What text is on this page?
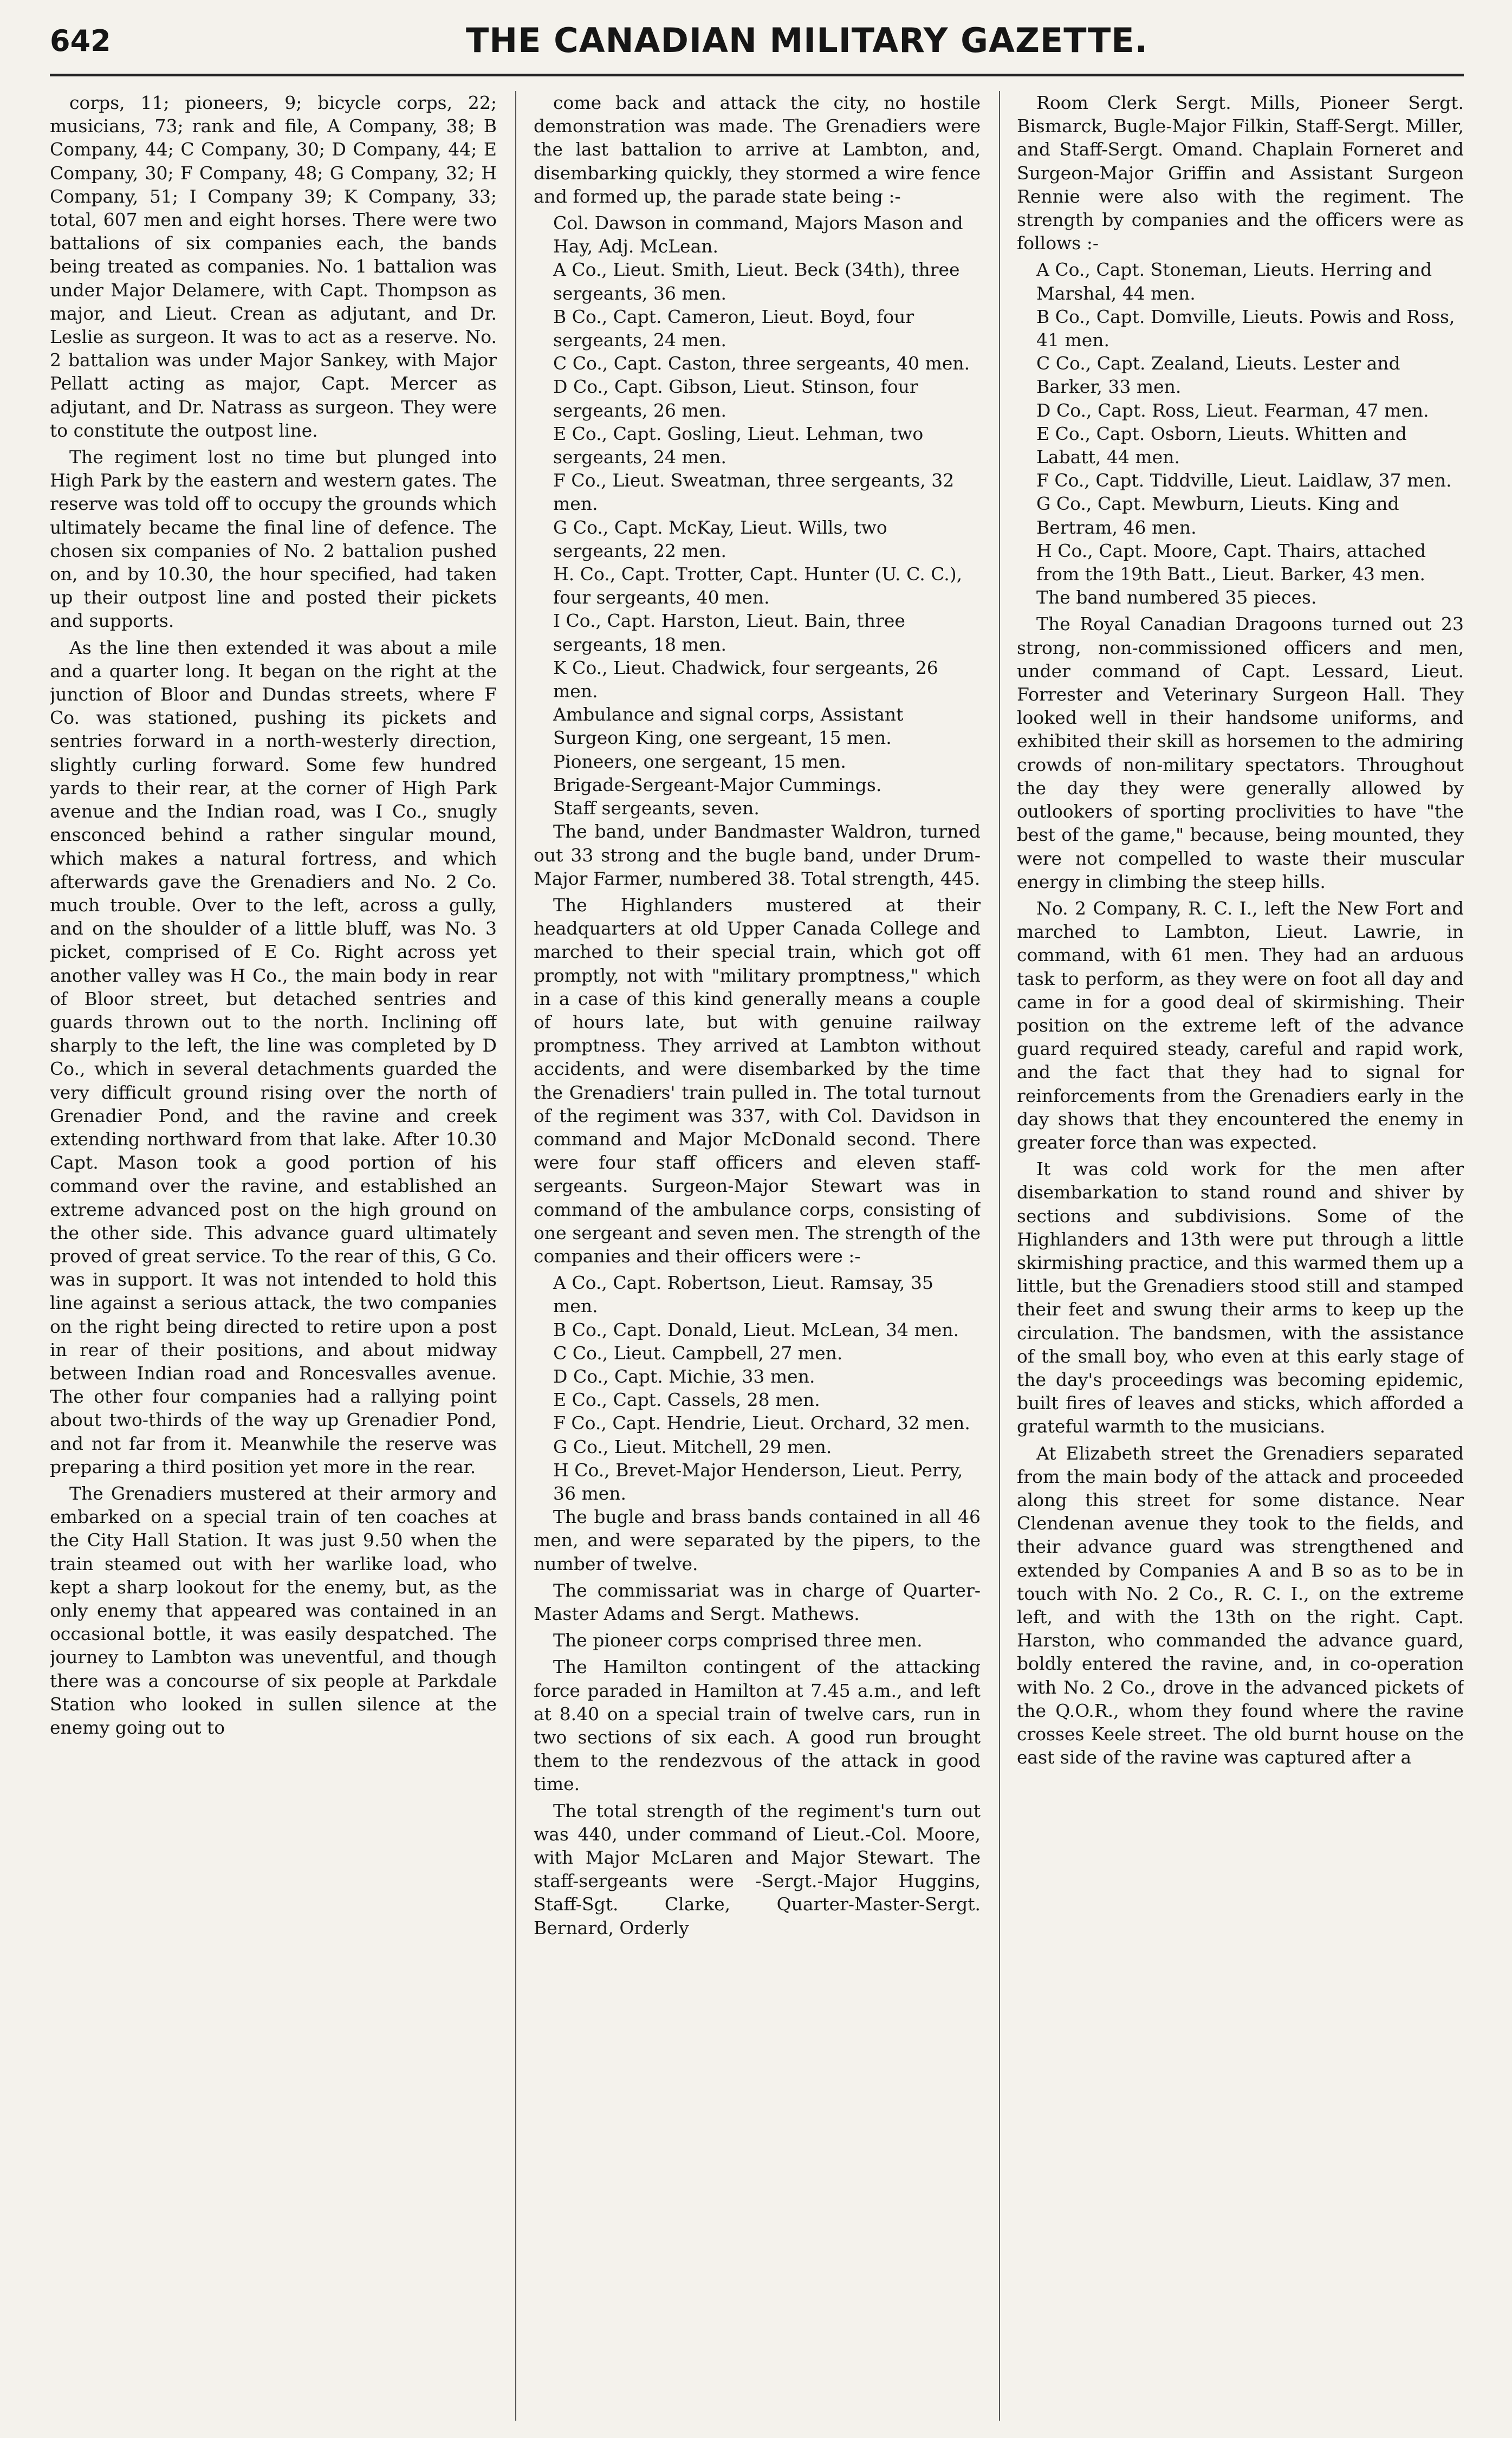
642	THE CANADIAN MILITARY GAZETTE.

corps, 11; pioneers, 9; bicycle corps, 22; musicians, 73; rank and file, A Company, 38; B Company, 44; C Company, 30; D Company, 44; E Company, 30; F Company, 48; G Company, 32; H Company, 51; I Company 39; K Company, 33; total, 607 men and eight horses. There were two battalions of six companies each, the bands being treated as companies. No. 1 battalion was under Major Delamere, with Capt. Thompson as major, and Lieut. Crean as adjutant, and Dr. Leslie as surgeon. It was to act as a reserve. No. 2 battalion was under Major Sankey, with Major Pellatt acting as major, Capt. Mercer as adjutant, and Dr. Natrass as surgeon. They were to constitute the outpost line.

The regiment lost no time but plunged into High Park by the eastern and western gates. The reserve was told off to occupy the grounds which ultimately became the final line of defence. The chosen six companies of No. 2 battalion pushed on, and by 10.30, the hour specified, had taken up their outpost line and posted their pickets and supports.

As the line then extended it was about a mile and a quarter long. It began on the right at the junction of Bloor and Dundas streets, where F Co. was stationed, pushing its pickets and sentries forward in a north-westerly direction, slightly curling forward. Some few hundred yards to their rear, at the corner of High Park avenue and the Indian road, was I Co., snugly ensconced behind a rather singular mound, which makes a natural fortress, and which afterwards gave the Grenadiers and No. 2 Co. much trouble. Over to the left, across a gully, and on the shoulder of a little bluff, was No. 3 picket, comprised of E Co. Right across yet another valley was H Co., the main body in rear of Bloor street, but detached sentries and guards thrown out to the north. Inclining off sharply to the left, the line was completed by D Co., which in several detachments guarded the very difficult ground rising over the north of Grenadier Pond, and the ravine and creek extending northward from that lake. After 10.30 Capt. Mason took a good portion of his command over the ravine, and established an extreme advanced post on the high ground on the other side. This advance guard ultimately proved of great service. To the rear of this, G Co. was in support. It was not intended to hold this line against a serious attack, the two companies on the right being directed to retire upon a post in rear of their positions, and about midway between Indian road and Roncesvalles avenue. The other four companies had a rallying point about two-thirds of the way up Grenadier Pond, and not far from it. Meanwhile the reserve was preparing a third position yet more in the rear.

The Grenadiers mustered at their armory and embarked on a special train of ten coaches at the City Hall Station. It was just 9.50 when the train steamed out with her warlike load, who kept a sharp lookout for the enemy, but, as the only enemy that appeared was contained in an occasional bottle, it was easily despatched. The journey to Lambton was uneventful, and though there was a concourse of six people at Parkdale Station who looked in sullen silence at the enemy going out to

come back and attack the city, no hostile demonstration was made. The Grenadiers were the last battalion to arrive at Lambton, and, disembarking quickly, they stormed a wire fence and formed up, the parade state being :-

Col. Dawson in command, Majors Mason and Hay, Adj. McLean.

A Co., Lieut. Smith, Lieut. Beck (34th), three sergeants, 36 men.

B Co., Capt. Cameron, Lieut. Boyd, four sergeants, 24 men.

C Co., Capt. Caston, three sergeants, 40 men.

D Co., Capt. Gibson, Lieut. Stinson, four sergeants, 26 men.

E Co., Capt. Gosling, Lieut. Lehman, two sergeants, 24 men.

F Co., Lieut. Sweatman, three sergeants, 32 men.

G Co., Capt. McKay, Lieut. Wills, two sergeants, 22 men.

H. Co., Capt. Trotter, Capt. Hunter (U. C. C.), four sergeants, 40 men.

I Co., Capt. Harston, Lieut. Bain, three sergeants, 18 men.

K Co., Lieut. Chadwick, four sergeants, 26 men.

Ambulance and signal corps, Assistant Surgeon King, one sergeant, 15 men.

Pioneers, one sergeant, 15 men.

Brigade-Sergeant-Major Cummings.

Staff sergeants, seven.

The band, under Bandmaster Waldron, turned out 33 strong and the bugle band, under Drum-Major Farmer, numbered 38. Total strength, 445.

The Highlanders mustered at their headquarters at old Upper Canada College and marched to their special train, which got off promptly, not with "military promptness," which in a case of this kind generally means a couple of hours late, but with genuine railway promptness. They arrived at Lambton without accidents, and were disembarked by the time the Grenadiers' train pulled in. The total turnout of the regiment was 337, with Col. Davidson in command and Major McDonald second. There were four staff officers and eleven staff-sergeants. Surgeon-Major Stewart was in command of the ambulance corps, consisting of one sergeant and seven men. The strength of the companies and their officers were :-

A Co., Capt. Robertson, Lieut. Ramsay, 35 men.

B Co., Capt. Donald, Lieut. McLean, 34 men.

C Co., Lieut. Campbell, 27 men.

D Co., Capt. Michie, 33 men.

E Co., Capt. Cassels, 28 men.

F Co., Capt. Hendrie, Lieut. Orchard, 32 men.

G Co., Lieut. Mitchell, 29 men.

H Co., Brevet-Major Henderson, Lieut. Perry, 36 men.

The bugle and brass bands contained in all 46 men, and were separated by the pipers, to the number of twelve.

The commissariat was in charge of Quarter-Master Adams and Sergt. Mathews.

The pioneer corps comprised three men.

The Hamilton contingent of the attacking force paraded in Hamilton at 7.45 a.m., and left at 8.40 on a special train of twelve cars, run in two sections of six each. A good run brought them to the rendezvous of the attack in good time.

The total strength of the regiment's turn out was 440, under command of Lieut.-Col. Moore, with Major McLaren and Major Stewart. The staff-sergeants were -Sergt.-Major Huggins, Staff-Sgt. Clarke, Quarter-Master-Sergt. Bernard, Orderly

Room Clerk Sergt. Mills, Pioneer Sergt. Bismarck, Bugle-Major Filkin, Staff-Sergt. Miller, and Staff-Sergt. Omand. Chaplain Forneret and Surgeon-Major Griffin and Assistant Surgeon Rennie were also with the regiment. The strength by companies and the officers were as follows :-

A Co., Capt. Stoneman, Lieuts. Herring and Marshal, 44 men.

B Co., Capt. Domville, Lieuts. Powis and Ross, 41 men.

C Co., Capt. Zealand, Lieuts. Lester and Barker, 33 men.

D Co., Capt. Ross, Lieut. Fearman, 47 men.

E Co., Capt. Osborn, Lieuts. Whitten and Labatt, 44 men.

F Co., Capt. Tiddville, Lieut. Laidlaw, 37 men.

G Co., Capt. Mewburn, Lieuts. King and Bertram, 46 men.

H Co., Capt. Moore, Capt. Thairs, attached from the 19th Batt., Lieut. Barker, 43 men.

The band numbered 35 pieces.

The Royal Canadian Dragoons turned out 23 strong, non-commissioned officers and men, under command of Capt. Lessard, Lieut. Forrester and Veterinary Surgeon Hall. They looked well in their handsome uniforms, and exhibited their skill as horsemen to the admiring crowds of non-military spectators. Throughout the day they were generally allowed by outlookers of sporting proclivities to have "the best of the game," because, being mounted, they were not compelled to waste their muscular energy in climbing the steep hills.

No. 2 Company, R. C. I., left the New Fort and marched to Lambton, Lieut. Lawrie, in command, with 61 men. They had an arduous task to perform, as they were on foot all day and came in for a good deal of skirmishing. Their position on the extreme left of the advance guard required steady, careful and rapid work, and the fact that they had to signal for reinforcements from the Grenadiers early in the day shows that they encountered the enemy in greater force than was expected.

It was cold work for the men after disembarkation to stand round and shiver by sections and subdivisions. Some of the Highlanders and 13th were put through a little skirmishing practice, and this warmed them up a little, but the Grenadiers stood still and stamped their feet and swung their arms to keep up the circulation. The bandsmen, with the assistance of the small boy, who even at this early stage of the day's proceedings was becoming epidemic, built fires of leaves and sticks, which afforded a grateful warmth to the musicians.

At Elizabeth street the Grenadiers separated from the main body of the attack and proceeded along this street for some distance. Near Clendenan avenue they took to the fields, and their advance guard was strengthened and extended by Companies A and B so as to be in touch with No. 2 Co., R. C. I., on the extreme left, and with the 13th on the right. Capt. Harston, who commanded the advance guard, boldly entered the ravine, and, in co-operation with No. 2 Co., drove in the advanced pickets of the Q.O.R., whom they found where the ravine crosses Keele street. The old burnt house on the east side of the ravine was captured after a
